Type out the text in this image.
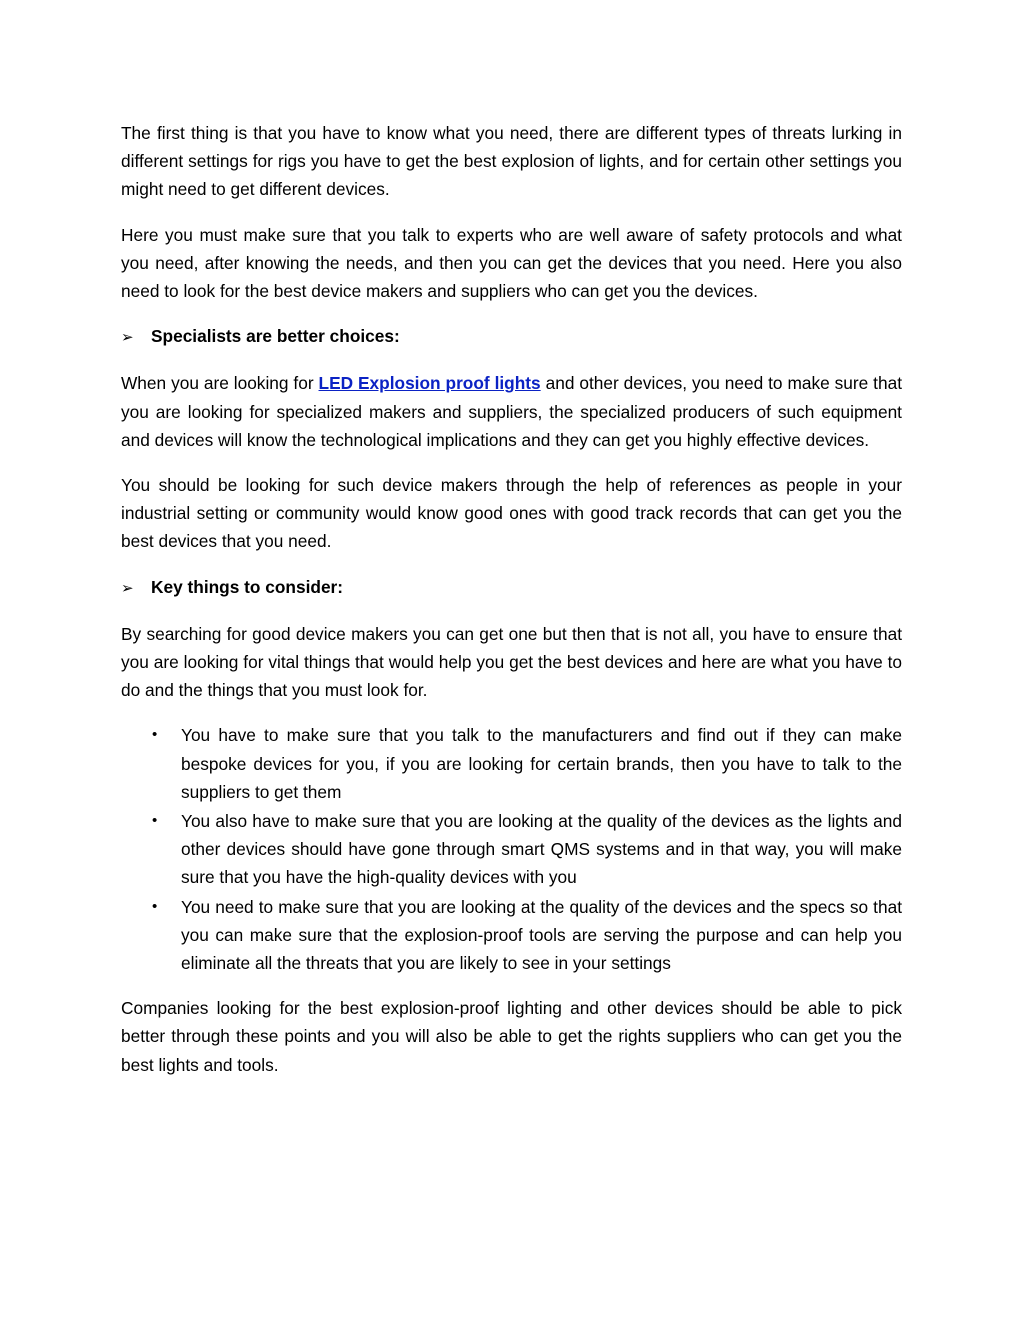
The first thing is that you have to know what you need, there are different types of threats lurking in different settings for rigs you have to get the best explosion of lights, and for certain other settings you might need to get different devices.

Here you must make sure that you talk to experts who are well aware of safety protocols and what you need, after knowing the needs, and then you can get the devices that you need. Here you also need to look for the best device makers and suppliers who can get you the devices.

➢	Specialists are better choices:

When you are looking for LED Explosion proof lights and other devices, you need to make sure that you are looking for specialized makers and suppliers, the specialized producers of such equipment and devices will know the technological implications and they can get you highly effective devices.

You should be looking for such device makers through the help of references as people in your industrial setting or community would know good ones with good track records that can get you the best devices that you need.

➢	Key things to consider:

By searching for good device makers you can get one but then that is not all, you have to ensure that you are looking for vital things that would help you get the best devices and here are what you have to do and the things that you must look for.

• You have to make sure that you talk to the manufacturers and find out if they can make bespoke devices for you, if you are looking for certain brands, then you have to talk to the suppliers to get them
• You also have to make sure that you are looking at the quality of the devices as the lights and other devices should have gone through smart QMS systems and in that way, you will make sure that you have the high-quality devices with you
• You need to make sure that you are looking at the quality of the devices and the specs so that you can make sure that the explosion-proof tools are serving the purpose and can help you eliminate all the threats that you are likely to see in your settings

Companies looking for the best explosion-proof lighting and other devices should be able to pick better through these points and you will also be able to get the rights suppliers who can get you the best lights and tools.
